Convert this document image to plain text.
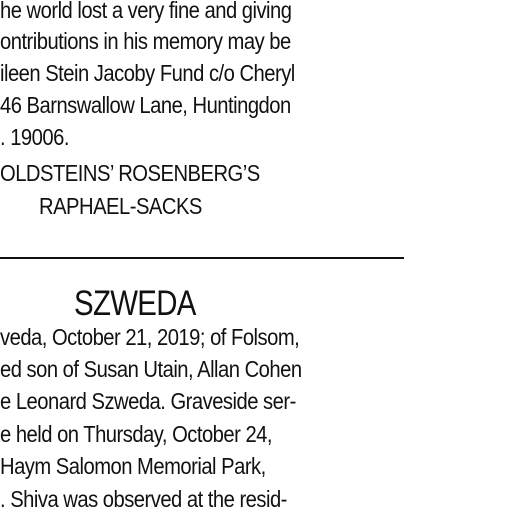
he world lost a very fine and giving
ontributions in his memory may be
ileen Stein Jacoby Fund c/o Cheryl
46 Barnswallow Lane, Huntingdon
. 19006.
OLDSTEINS’ ROSENBERG’S
RAPHAEL-SACKS
SZWEDA
veda, October 21, 2019; of Folsom,
ed son of Susan Utain, Allan Cohen
e Leonard Szweda. Graveside ser-
e held on Thursday, October 24,
Haym Salomon Memorial Park,
. Shiva was observed at the resid-
